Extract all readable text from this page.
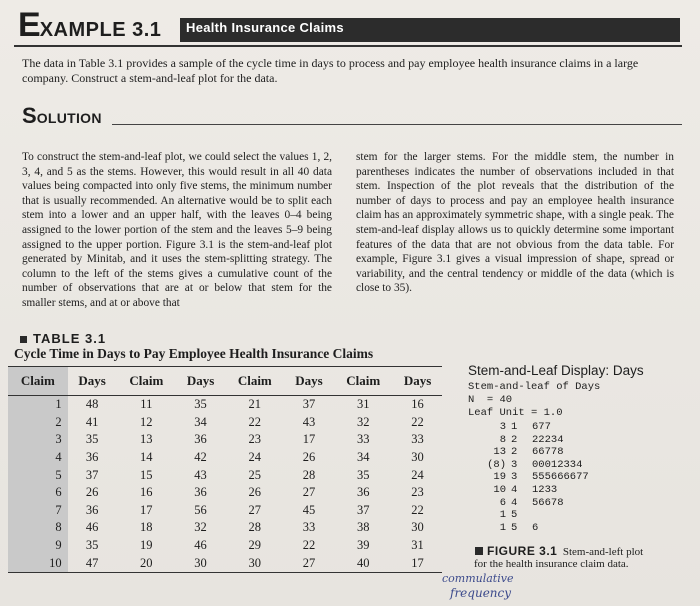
EXAMPLE 3.1 Health Insurance Claims
The data in Table 3.1 provides a sample of the cycle time in days to process and pay employee health insurance claims in a large company. Construct a stem-and-leaf plot for the data.
SOLUTION
To construct the stem-and-leaf plot, we could select the values 1, 2, 3, 4, and 5 as the stems. However, this would result in all 40 data values being compacted into only five stems, the minimum number that is usually recommended. An alternative would be to split each stem into a lower and an upper half, with the leaves 0–4 being assigned to the lower portion of the stem and the leaves 5–9 being assigned to the upper portion. Figure 3.1 is the stem-and-leaf plot generated by Minitab, and it uses the stem-splitting strategy. The column to the left of the stems gives a cumulative count of the number of observations that are at or below that stem for the smaller stems, and at or above that
stem for the larger stems. For the middle stem, the number in parentheses indicates the number of observations included in that stem. Inspection of the plot reveals that the distribution of the number of days to process and pay an employee health insurance claim has an approximately symmetric shape, with a single peak. The stem-and-leaf display allows us to quickly determine some important features of the data that are not obvious from the data table. For example, Figure 3.1 gives a visual impression of shape, spread or variability, and the central tendency or middle of the data (which is close to 35).
TABLE 3.1
Cycle Time in Days to Pay Employee Health Insurance Claims
Claim	Days	Claim	Days	Claim	Days	Claim	Days
1	48	11	35	21	37	31	16
2	41	12	34	22	43	32	22
3	35	13	36	23	17	33	33
4	36	14	42	24	26	34	30
5	37	15	43	25	28	35	24
6	26	16	36	26	27	36	23
7	36	17	56	27	45	37	22
8	46	18	32	28	33	38	30
9	35	19	46	29	22	39	31
10	47	20	30	30	27	40	17
Stem-and-Leaf Display: Days
Stem-and-leaf of Days
N  = 40
Leaf Unit = 1.0
3 1	677
8 2	22234
13 2	66778
(8) 3	00012334
19 3	555666677
10 4	1233
6 4	56678
1 5
1 5	6
FIGURE 3.1 Stem-and-left plot
for the health insurance claim data.
commulative
frequency
